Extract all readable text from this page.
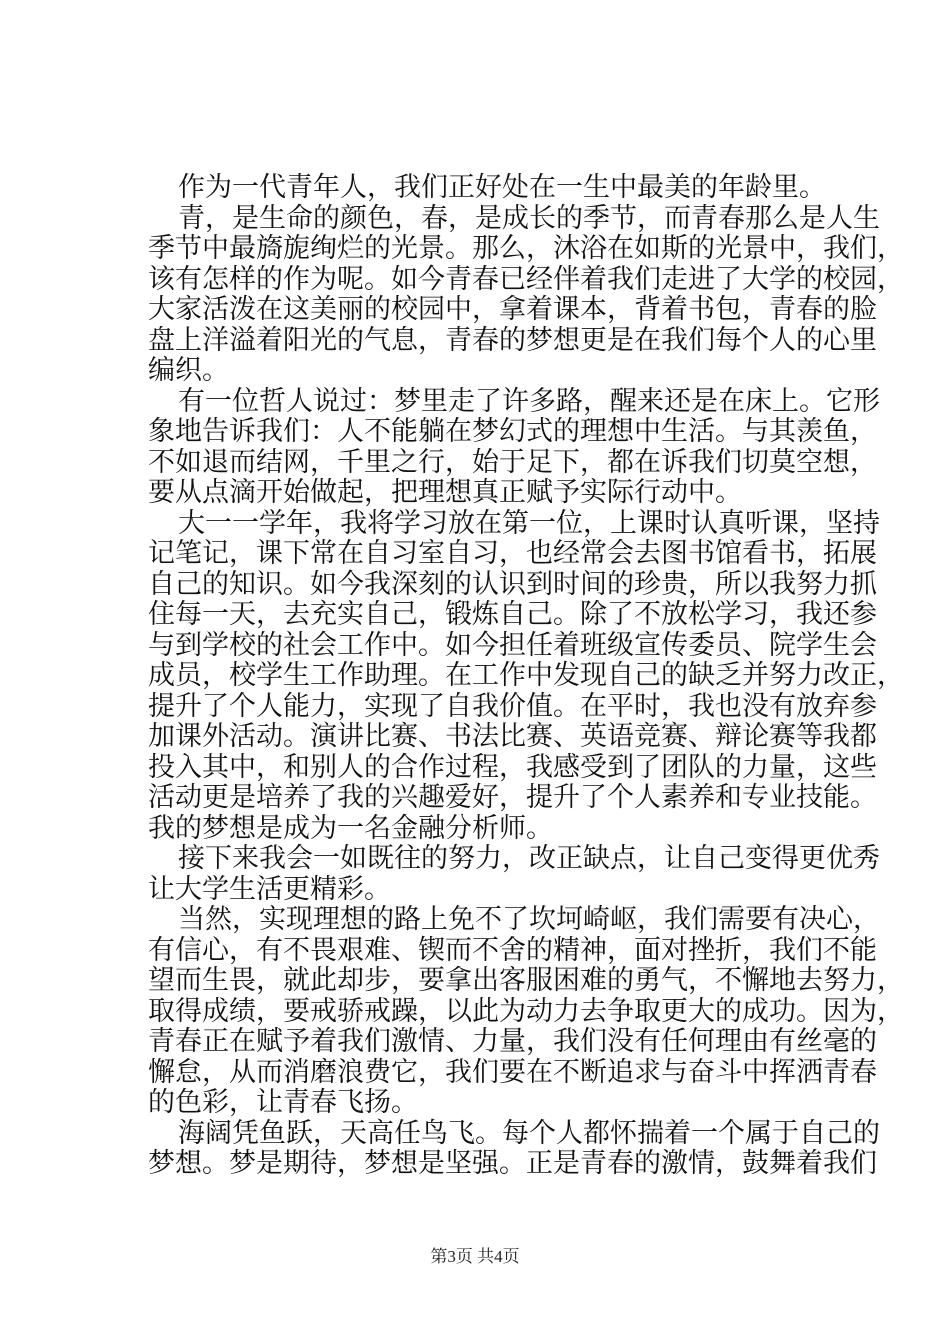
作为一代青年人，我们正好处在一生中最美的年龄里。
青，是生命的颜色，春，是成长的季节，而青春那么是人生
季节中最旖旎绚烂的光景。那么，沐浴在如斯的光景中，我们，
该有怎样的作为呢。如今青春已经伴着我们走进了大学的校园，
大家活泼在这美丽的校园中，拿着课本，背着书包，青春的脸
盘上洋溢着阳光的气息，青春的梦想更是在我们每个人的心里
编织。
有一位哲人说过：梦里走了许多路，醒来还是在床上。它形
象地告诉我们：人不能躺在梦幻式的理想中生活。与其羡鱼，
不如退而结网，千里之行，始于足下，都在诉我们切莫空想，
要从点滴开始做起，把理想真正赋予实际行动中。
大一一学年，我将学习放在第一位，上课时认真听课，坚持
记笔记，课下常在自习室自习，也经常会去图书馆看书，拓展
自己的知识。如今我深刻的认识到时间的珍贵，所以我努力抓
住每一天，去充实自己，锻炼自己。除了不放松学习，我还参
与到学校的社会工作中。如今担任着班级宣传委员、院学生会
成员，校学生工作助理。在工作中发现自己的缺乏并努力改正，
提升了个人能力，实现了自我价值。在平时，我也没有放弃参
加课外活动。演讲比赛、书法比赛、英语竞赛、辩论赛等我都
投入其中，和别人的合作过程，我感受到了团队的力量，这些
活动更是培养了我的兴趣爱好，提升了个人素养和专业技能。
我的梦想是成为一名金融分析师。
接下来我会一如既往的努力，改正缺点，让自己变得更优秀
让大学生活更精彩。
当然，实现理想的路上免不了坎坷崎岖，我们需要有决心，
有信心，有不畏艰难、锲而不舍的精神，面对挫折，我们不能
望而生畏，就此却步，要拿出客服困难的勇气，不懈地去努力，
取得成绩，要戒骄戒躁，以此为动力去争取更大的成功。因为，
青春正在赋予着我们激情、力量，我们没有任何理由有丝毫的
懈怠，从而消磨浪费它，我们要在不断追求与奋斗中挥洒青春
的色彩，让青春飞扬。
海阔凭鱼跃，天高任鸟飞。每个人都怀揣着一个属于自己的
梦想。梦是期待，梦想是坚强。正是青春的激情，鼓舞着我们
第3页 共4页
